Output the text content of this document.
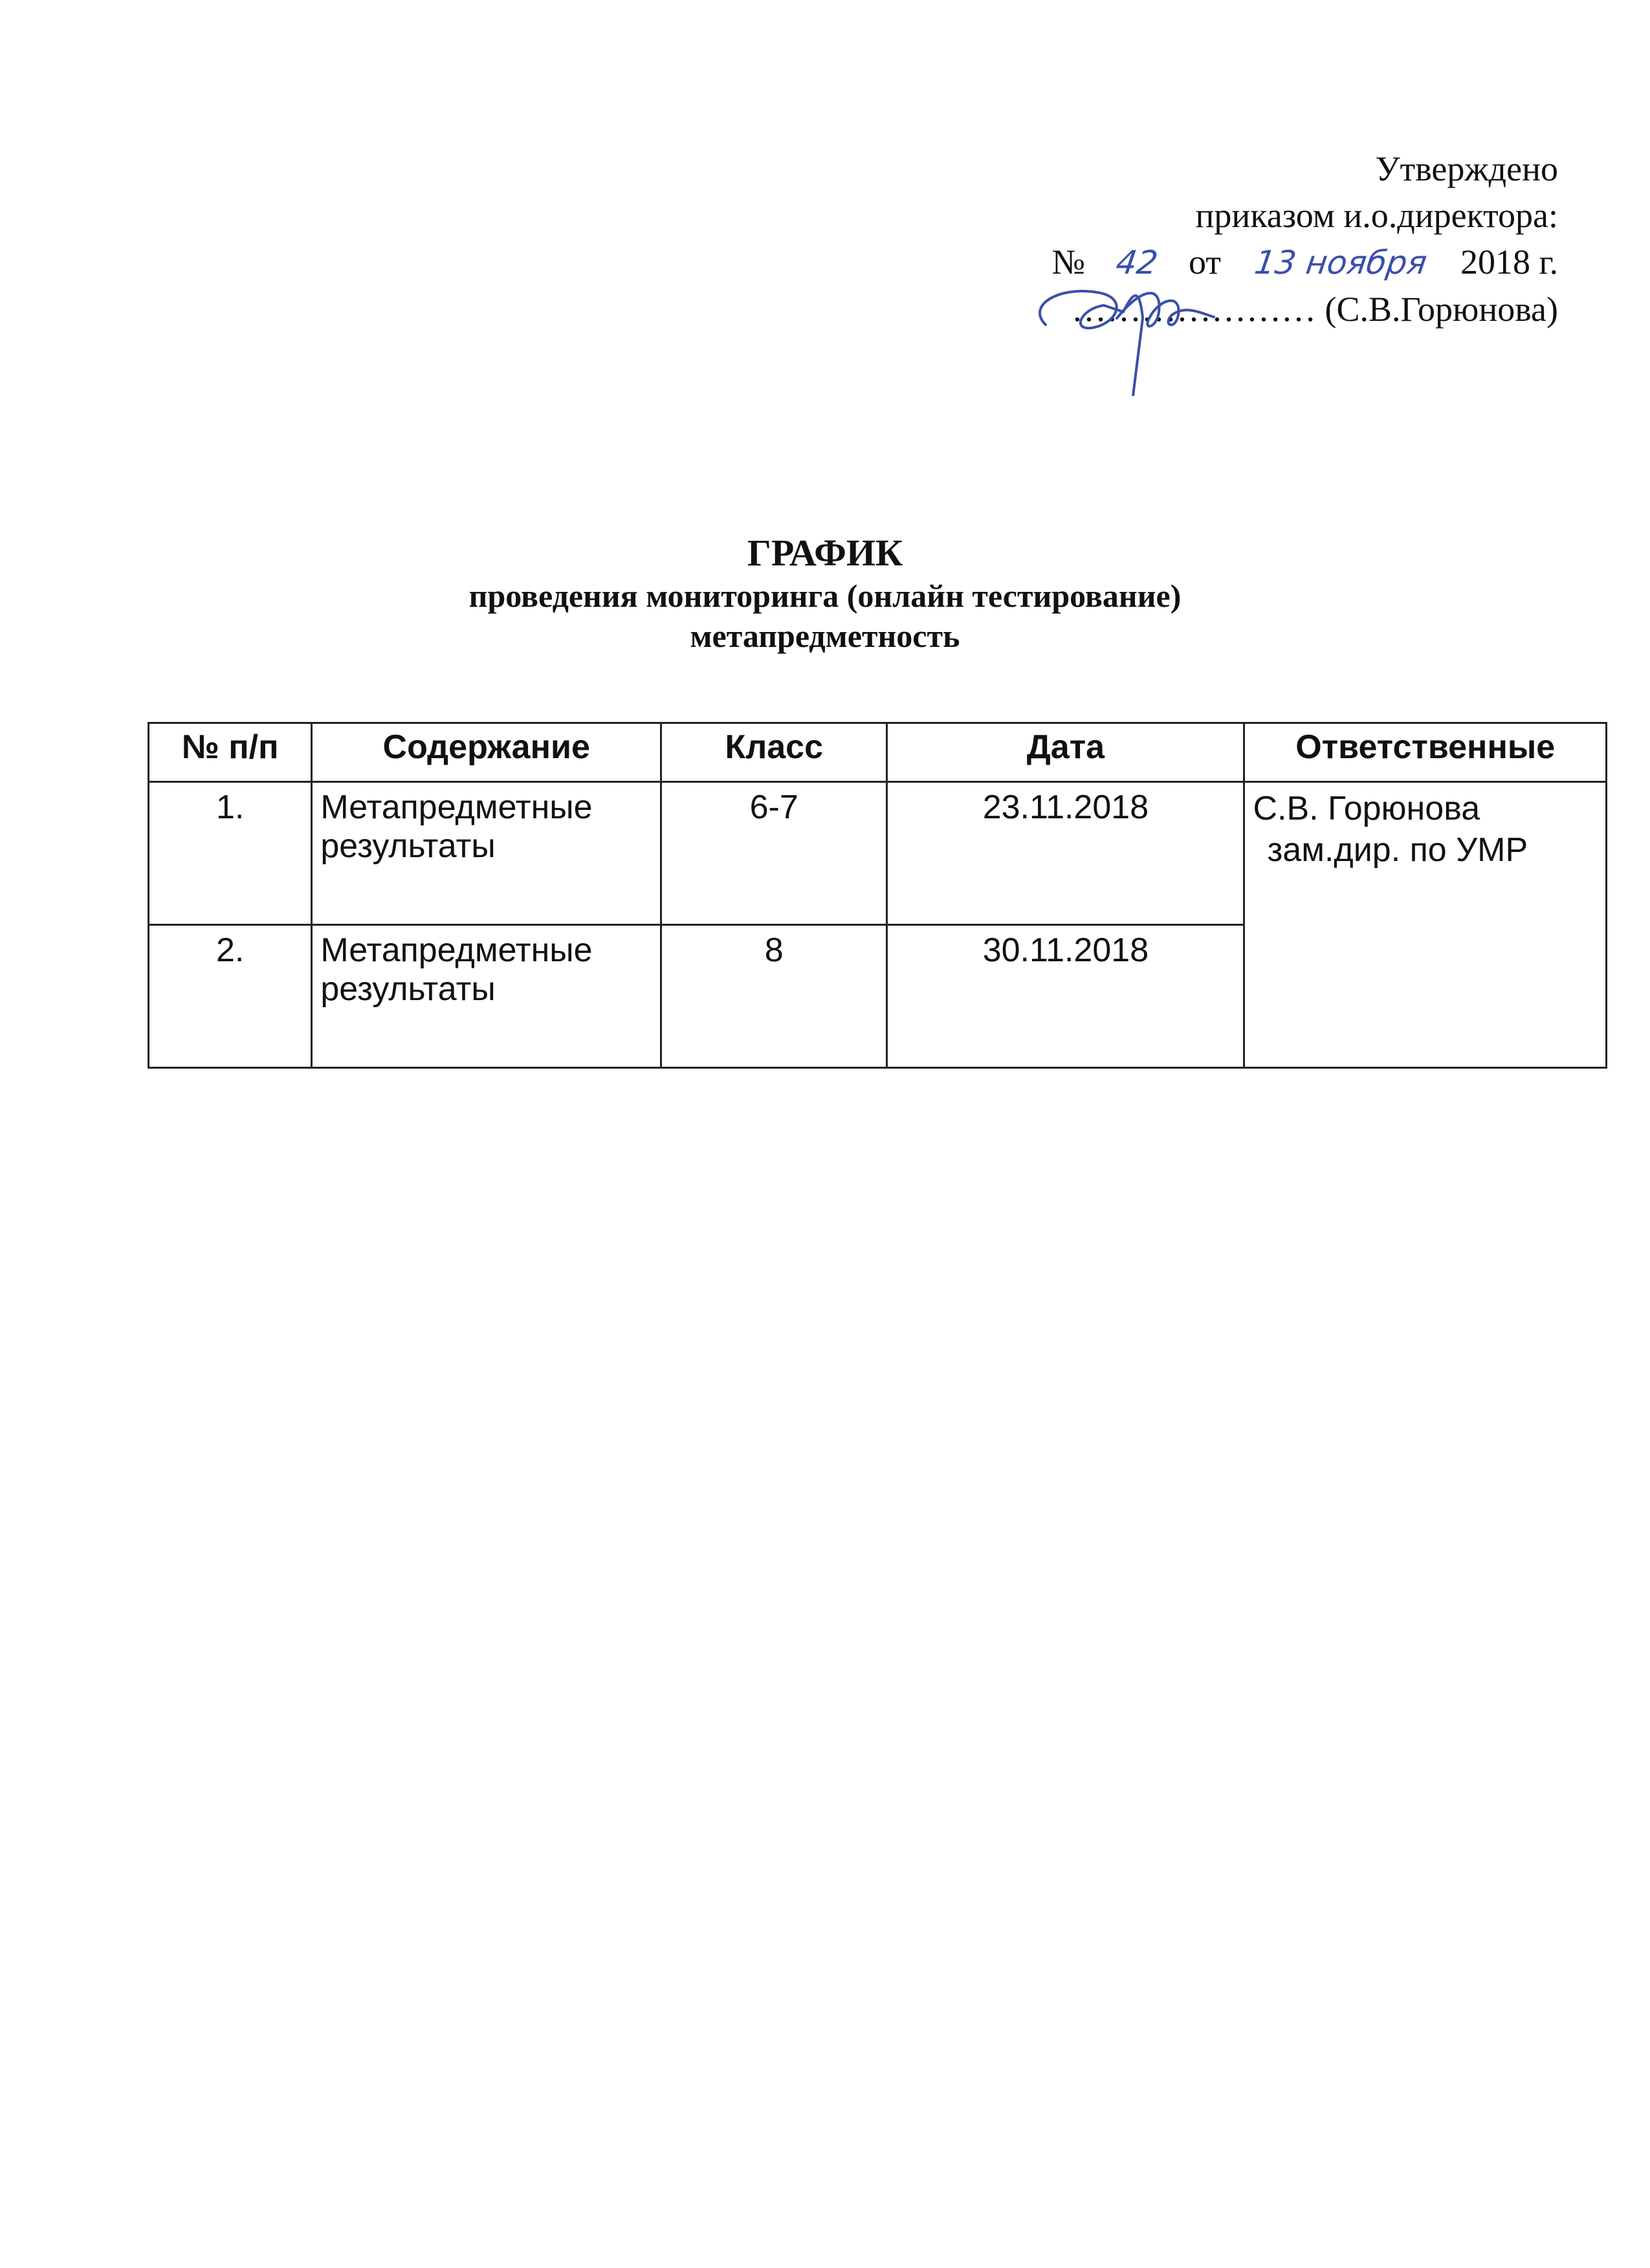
Утверждено
приказом и.о.директора:
№ 42 от 13 ноября 2018 г.
………………… (С.В.Горюнова)
ГРАФИК
проведения мониторинга (онлайн тестирование)
метапредметность
№ п/п	Содержание	Класс	Дата	Ответственные
1.	Метапредметные результаты	6-7	23.11.2018	С.В. Горюнова
зам.дир. по УМР

2.	Метапредметные результаты	8	30.11.2018	
